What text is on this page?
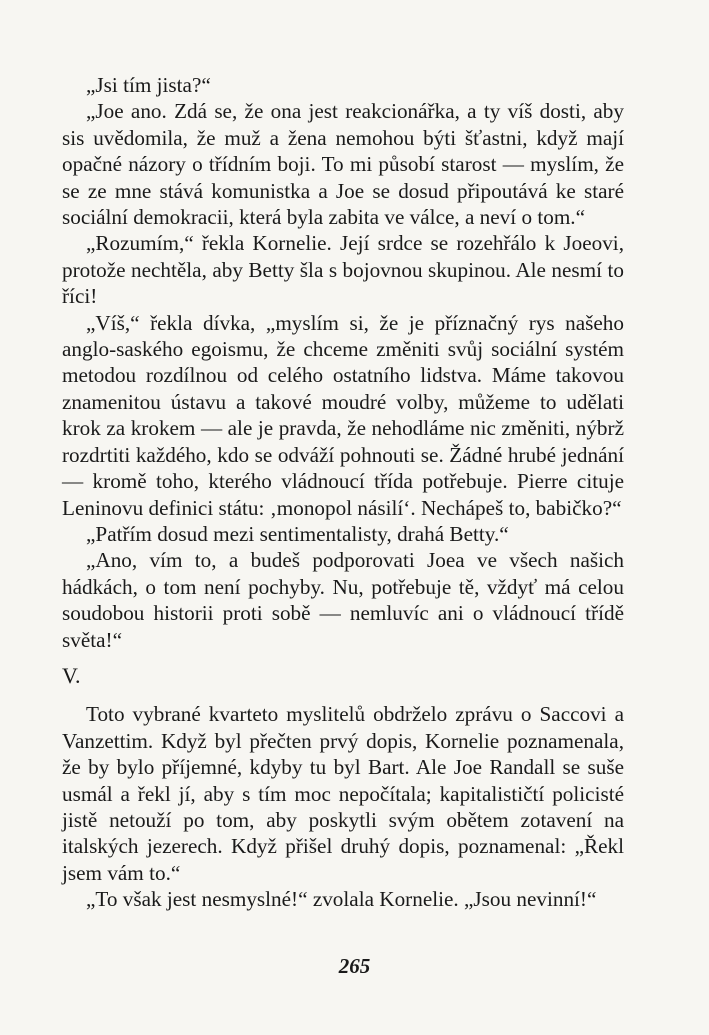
„Jsi tím jista?“

„Joe ano. Zdá se, že ona jest reakcionářka, a ty víš dosti, aby sis uvědomila, že muž a žena nemohou býti šťastni, když mají opačné názory o třídním boji. To mi působí starost — myslím, že se ze mne stává komunistka a Joe se dosud připoutává ke staré sociální demokracii, která byla zabita ve válce, a neví o tom.“

„Rozumím,“ řekla Kornelie. Její srdce se rozehřálo k Joeovi, protože nechtěla, aby Betty šla s bojovnou skupinou. Ale nesmí to říci!

„Víš,“ řekla dívka, „myslím si, že je příznačný rys našeho anglo-saského egoismu, že chceme změniti svůj sociální systém metodou rozdílnou od celého ostatního lidstva. Máme takovou znamenitou ústavu a takové moudré volby, můžeme to udělati krok za krokem — ale je pravda, že nehodláme nic změniti, nýbrž rozdrtiti každého, kdo se odváží pohnouti se. Žádné hrubé jednání — kromě toho, kterého vládnoucí třída potřebuje. Pierre cituje Leninovu definici státu: ‚monopol násilí‘. Nechápeš to, babičko?“

„Patřím dosud mezi sentimentalisty, drahá Betty.“

„Ano, vím to, a budeš podporovati Joea ve všech našich hádkách, o tom není pochyby. Nu, potřebuje tě, vždyť má celou soudobou historii proti sobě — nemluvíc ani o vládnoucí třídě světa!“

V.

Toto vybrané kvarteto myslitelů obdrželo zprávu o Saccovi a Vanzettim. Když byl přečten prvý dopis, Kornelie poznamenala, že by bylo příjemné, kdyby tu byl Bart. Ale Joe Randall se suše usmál a řekl jí, aby s tím moc nepočítala; kapitalističtí policisté jistě netouží po tom, aby poskytli svým obětem zotavení na italských jezerech. Když přišel druhý dopis, poznamenal: „Řekl jsem vám to.“

„To však jest nesmyslné!“ zvolala Kornelie. „Jsou nevinní!“

265
